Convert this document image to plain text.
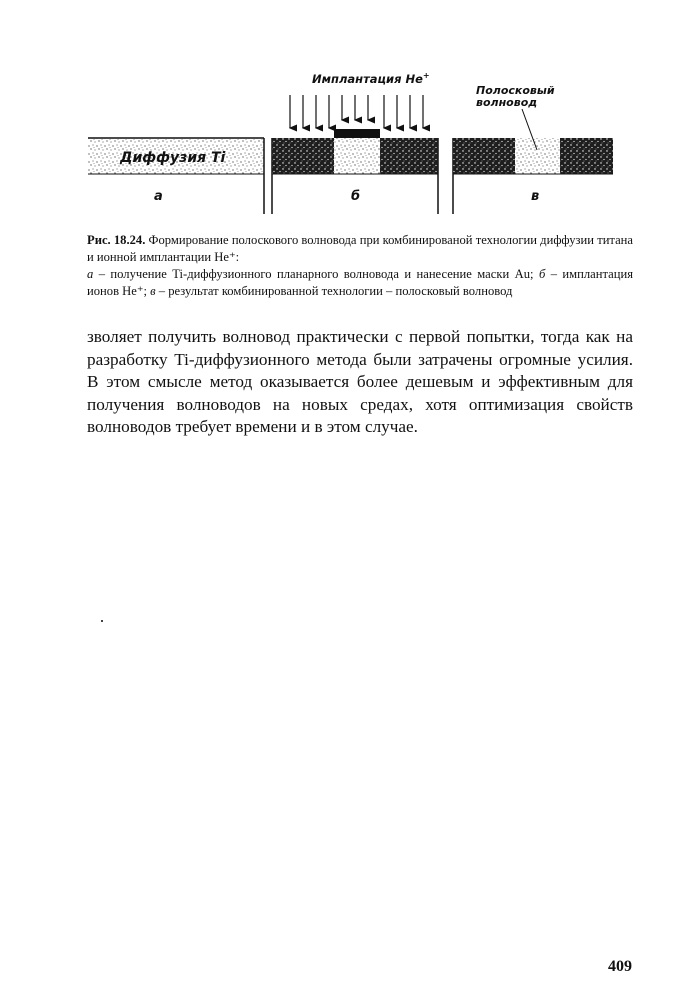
Диффузия Ti
а
Имплантация He+
б
Полосковый
волновод
в
Рис. 18.24. Формирование полоскового волновода при комбинированой технологии диффузии титана и ионной имплантации He⁺:
а – получение Ti-диффузионного планарного волновода и нанесение маски Au; б – имплантация ионов He⁺; в – результат комбинированной технологии – полосковый волновод
зволяет получить волновод практически с первой попытки, тогда как на разработку Ti-диффузионного метода были затрачены огромные усилия. В этом смысле метод оказывается более дешевым и эффективным для получения волноводов на новых средах, хотя оптимизация свойств волноводов требует времени и в этом случае.
409
